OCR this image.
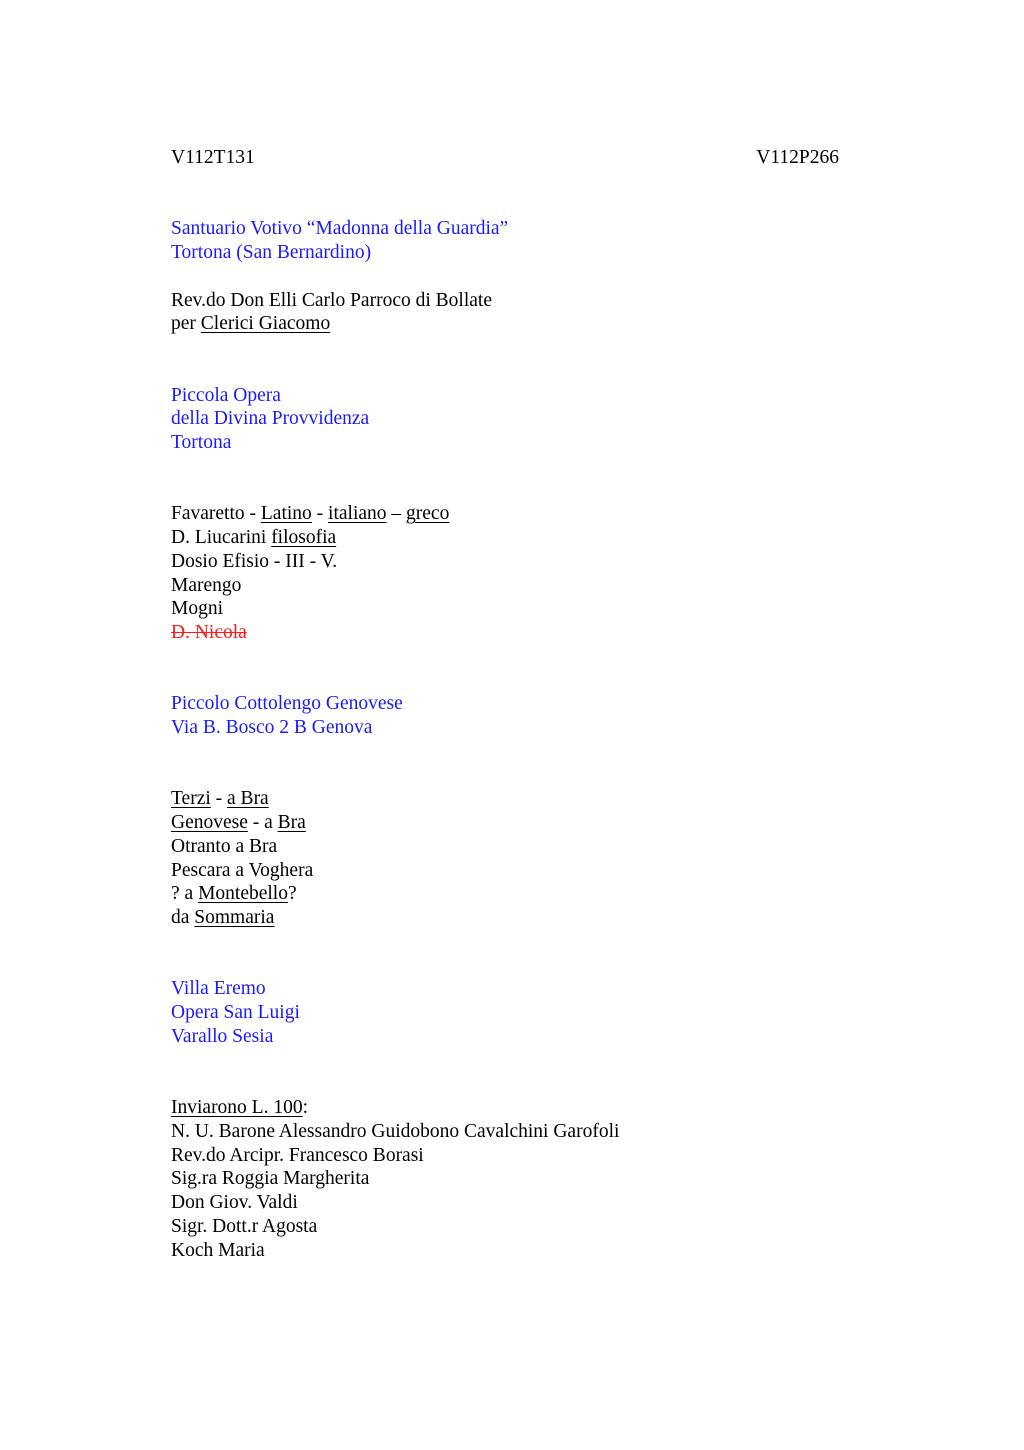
V112T131	V112P266
Santuario Votivo “Madonna della Guardia”
Tortona (San Bernardino)
Rev.do Don Elli Carlo Parroco di Bollate
per Clerici Giacomo
Piccola Opera
della Divina Provvidenza
Tortona
Favaretto - Latino - italiano – greco
D. Liucarini filosofia
Dosio Efisio - III - V.
Marengo
Mogni
D. Nicola
Piccolo Cottolengo Genovese
Via B. Bosco 2 B Genova
Terzi - a Bra
Genovese - a Bra
Otranto a Bra
Pescara a Voghera
? a Montebello?
da Sommaria
Villa Eremo
Opera San Luigi
Varallo Sesia
Inviarono L. 100:
N. U. Barone Alessandro Guidobono Cavalchini Garofoli
Rev.do Arcipr. Francesco Borasi
Sig.ra Roggia Margherita
Don Giov. Valdi
Sigr. Dott.r Agosta
Koch Maria
